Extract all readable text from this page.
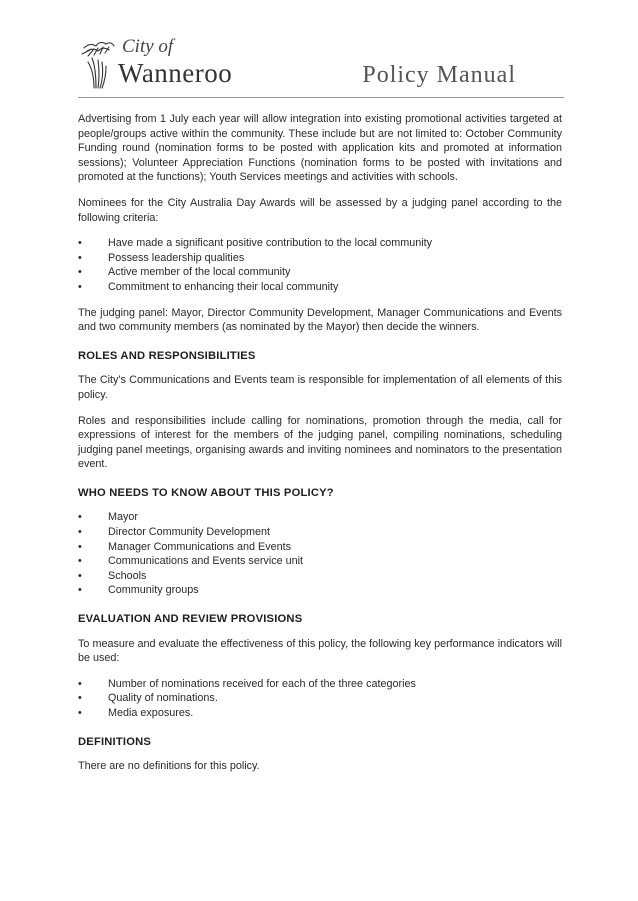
City of
Wanneroo	Policy Manual

Advertising from 1 July each year will allow integration into existing promotional activities targeted at people/groups active within the community. These include but are not limited to: October Community Funding round (nomination forms to be posted with application kits and promoted at information sessions); Volunteer Appreciation Functions (nomination forms to be posted with invitations and promoted at the functions); Youth Services meetings and activities with schools.

Nominees for the City Australia Day Awards will be assessed by a judging panel according to the following criteria:

• Have made a significant positive contribution to the local community
• Possess leadership qualities
• Active member of the local community
• Commitment to enhancing their local community

The judging panel: Mayor, Director Community Development, Manager Communications and Events and two community members (as nominated by the Mayor) then decide the winners.

ROLES AND RESPONSIBILITIES

The City's Communications and Events team is responsible for implementation of all elements of this policy.

Roles and responsibilities include calling for nominations, promotion through the media, call for expressions of interest for the members of the judging panel, compiling nominations, scheduling judging panel meetings, organising awards and inviting nominees and nominators to the presentation event.

WHO NEEDS TO KNOW ABOUT THIS POLICY?
• Mayor
• Director Community Development
• Manager Communications and Events
• Communications and Events service unit
• Schools
• Community groups
EVALUATION AND REVIEW PROVISIONS

To measure and evaluate the effectiveness of this policy, the following key performance indicators will be used:

• Number of nominations received for each of the three categories
• Quality of nominations.
• Media exposures.
DEFINITIONS

There are no definitions for this policy.
